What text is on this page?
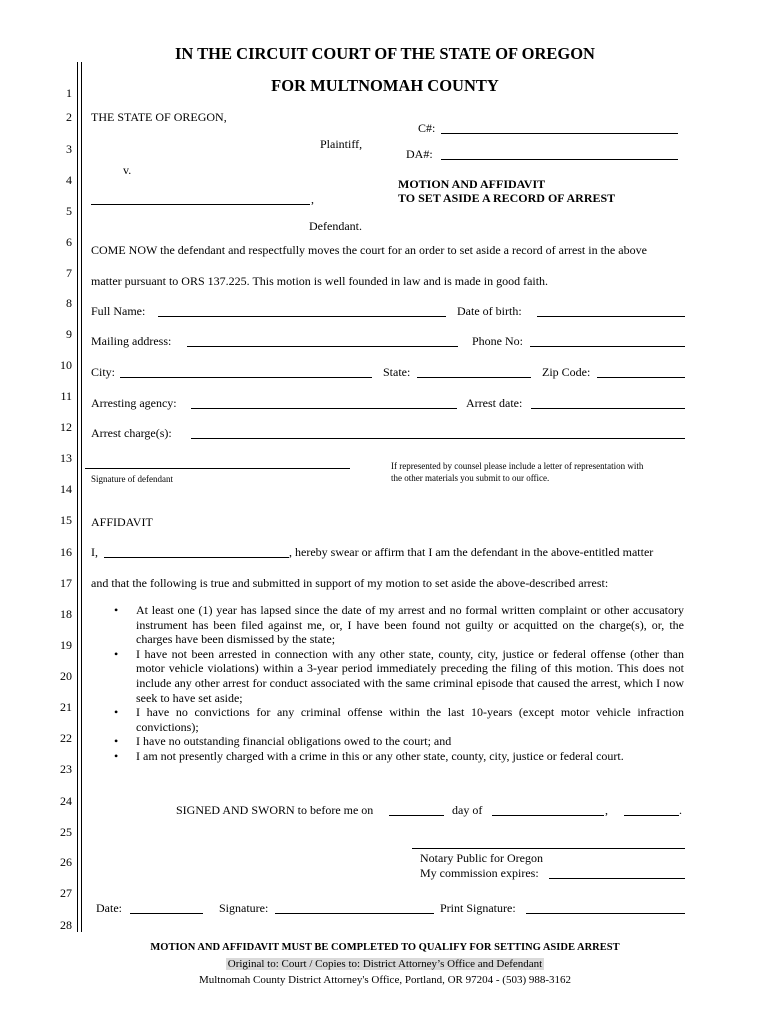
IN THE CIRCUIT COURT OF THE STATE OF OREGON
FOR MULTNOMAH COUNTY
1
2
3
4
5
6
7
8
9
10
11
12
13
14
15
16
17
18
19
20
21
22
23
24
25
26
27
28
THE STATE OF OREGON,
Plaintiff,
v.
,
Defendant.
C#:
DA#:
MOTION AND AFFIDAVIT
TO SET ASIDE A RECORD OF ARREST
COME NOW the defendant and respectfully moves the court for an order to set aside a record of arrest in the above
matter pursuant to ORS 137.225. This motion is well founded in law and is made in good faith.
Full Name:	Date of birth:
Mailing address:	Phone No:
City:	State:	Zip Code:
Arresting agency:	Arrest date:
Arrest charge(s):
Signature of defendant
If represented by counsel please include a letter of representation with
the other materials you submit to our office.
AFFIDAVIT
I,	, hereby swear or affirm that I am the defendant in the above-entitled matter
and that the following is true and submitted in support of my motion to set aside the above-described arrest:
• At least one (1) year has lapsed since the date of my arrest and no formal written complaint or other accusatory instrument has been filed against me, or, I have been found not guilty or acquitted on the charge(s), or, the charges have been dismissed by the state;
• I have not been arrested in connection with any other state, county, city, justice or federal offense (other than motor vehicle violations) within a 3-year period immediately preceding the filing of this motion. This does not include any other arrest for conduct associated with the same criminal episode that caused the arrest, which I now seek to have set aside;
• I have no convictions for any criminal offense within the last 10-years (except motor vehicle infraction convictions);
• I have no outstanding financial obligations owed to the court; and
• I am not presently charged with a crime in this or any other state, county, city, justice or federal court.
SIGNED AND SWORN to before me on	day of	,	.
Notary Public for Oregon
My commission expires:
Date:	Signature:	Print Signature:
MOTION AND AFFIDAVIT MUST BE COMPLETED TO QUALIFY FOR SETTING ASIDE ARREST
Original to: Court / Copies to: District Attorney’s Office and Defendant
Multnomah County District Attorney's Office, Portland, OR 97204 - (503) 988-3162
